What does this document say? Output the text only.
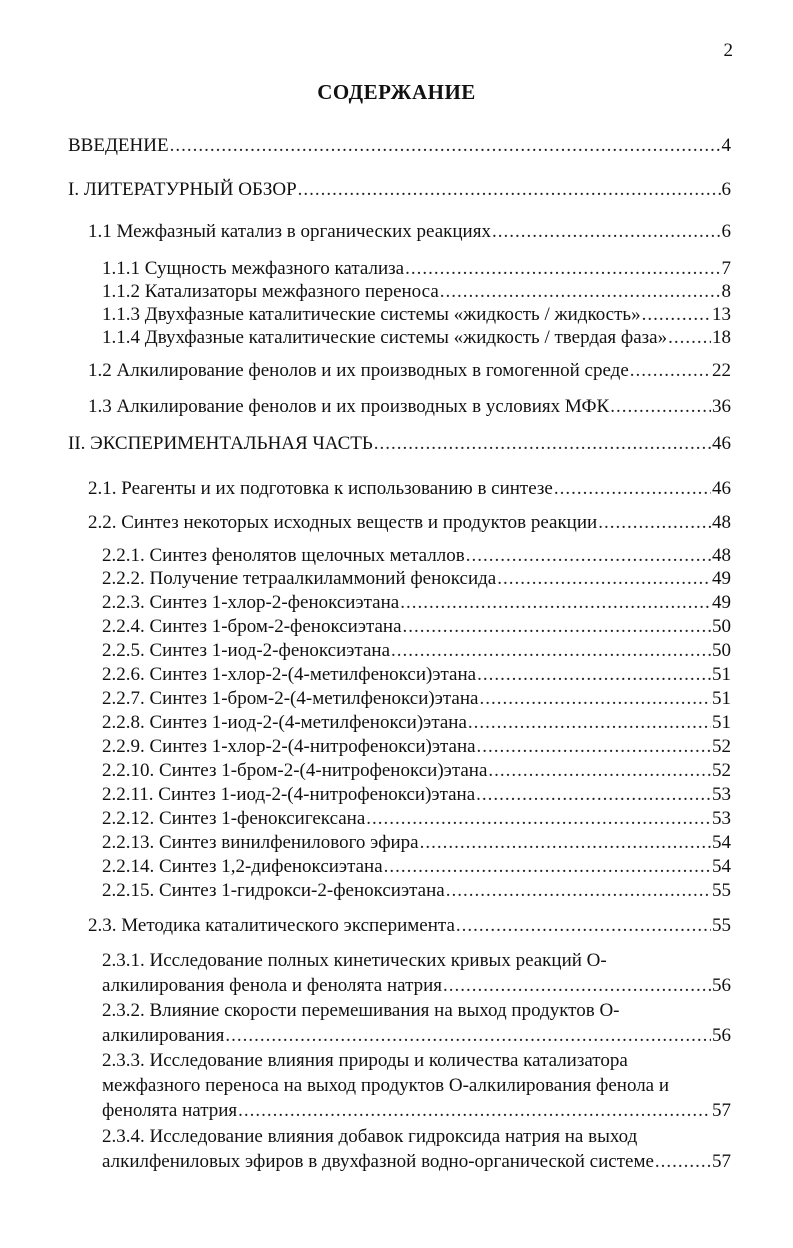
2
СОДЕРЖАНИЕ
ВВЕДЕНИЕ .....	4
I. ЛИТЕРАТУРНЫЙ ОБЗОР .....	6
1.1 Межфазный катализ в органических реакциях .....	6
1.1.1 Сущность межфазного катализа .....	7
1.1.2 Катализаторы межфазного переноса .....	8
1.1.3 Двухфазные каталитические системы «жидкость / жидкость» .....	13
1.1.4 Двухфазные каталитические системы «жидкость / твердая фаза» ..... 18
1.2 Алкилирование фенолов и их производных в гомогенной среде .....	22
1.3 Алкилирование фенолов и их производных в условиях МФК .....	36
II. ЭКСПЕРИМЕНТАЛЬНАЯ ЧАСТЬ .....	46
2.1. Реагенты и их подготовка к использованию в синтезе .....	46
2.2. Синтез некоторых исходных веществ и продуктов реакции .....	48
2.2.1. Синтез фенолятов щелочных металлов .....	48
2.2.2. Получение тетраалкиламмоний феноксида .....	49
2.2.3. Синтез 1-хлор-2-феноксиэтана .....	49
2.2.4. Синтез 1-бром-2-феноксиэтана .....	50
2.2.5. Синтез 1-иод-2-феноксиэтана .....	50
2.2.6. Синтез 1-хлор-2-(4-метилфенокси)этана .....	51
2.2.7. Синтез 1-бром-2-(4-метилфенокси)этана .....	51
2.2.8. Синтез 1-иод-2-(4-метилфенокси)этана .....	51
2.2.9. Синтез 1-хлор-2-(4-нитрофенокси)этана .....	52
2.2.10. Синтез 1-бром-2-(4-нитрофенокси)этана .....	52
2.2.11. Синтез 1-иод-2-(4-нитрофенокси)этана .....	53
2.2.12. Синтез 1-феноксигексана .....	53
2.2.13. Синтез винилфенилового эфира .....	54
2.2.14. Синтез 1,2-дифеноксиэтана .....	54
2.2.15. Синтез 1-гидрокси-2-феноксиэтана .....	55
2.3. Методика каталитического эксперимента .....	55
2.3.1. Исследование полных кинетических кривых реакций О-
алкилирования фенола и фенолята натрия .....	56
2.3.2. Влияние скорости перемешивания на выход продуктов О-
алкилирования .....	56
2.3.3. Исследование влияния природы и количества катализатора
межфазного переноса на выход продуктов О-алкилирования фенола и
фенолята натрия .....	57
2.3.4. Исследование влияния добавок гидроксида натрия на выход
алкилфениловых эфиров в двухфазной водно-органической системе .....	57
